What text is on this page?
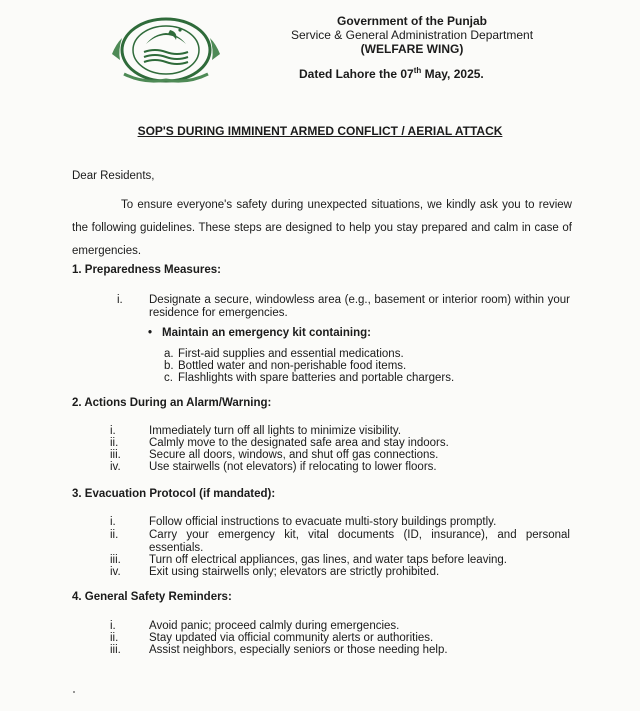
Government of the Punjab
Service & General Administration Department
(WELFARE WING)
Dated Lahore the 07th May, 2025.
SOP'S DURING IMMINENT ARMED CONFLICT / AERIAL ATTACK
Dear Residents,
To ensure everyone's safety during unexpected situations, we kindly ask you to review the following guidelines. These steps are designed to help you stay prepared and calm in case of emergencies.
1. Preparedness Measures:
i.	Designate a secure, windowless area (e.g., basement or interior room) within your residence for emergencies.
• Maintain an emergency kit containing:
a. First-aid supplies and essential medications.
b. Bottled water and non-perishable food items.
c. Flashlights with spare batteries and portable chargers.
2. Actions During an Alarm/Warning:
i.	Immediately turn off all lights to minimize visibility.
ii.	Calmly move to the designated safe area and stay indoors.
iii.	Secure all doors, windows, and shut off gas connections.
iv.	Use stairwells (not elevators) if relocating to lower floors.
3. Evacuation Protocol (if mandated):
i.	Follow official instructions to evacuate multi-story buildings promptly.
ii.	Carry your emergency kit, vital documents (ID, insurance), and personal essentials.
iii.	Turn off electrical appliances, gas lines, and water taps before leaving.
iv.	Exit using stairwells only; elevators are strictly prohibited.
4. General Safety Reminders:
i.	Avoid panic; proceed calmly during emergencies.
ii.	Stay updated via official community alerts or authorities.
iii.	Assist neighbors, especially seniors or those needing help.
